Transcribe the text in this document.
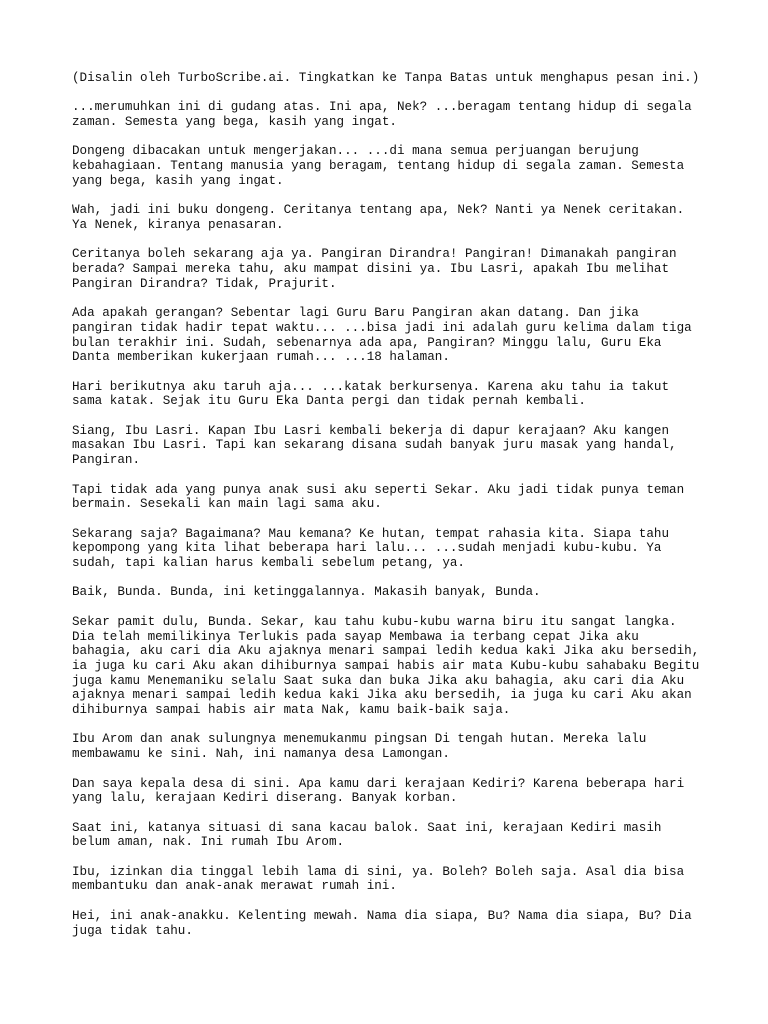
(Disalin oleh TurboScribe.ai. Tingkatkan ke Tanpa Batas untuk menghapus pesan ini.)

...merumuhkan ini di gudang atas. Ini apa, Nek? ...beragam tentang hidup di segala
zaman. Semesta yang bega, kasih yang ingat.

Dongeng dibacakan untuk mengerjakan... ...di mana semua perjuangan berujung
kebahagiaan. Tentang manusia yang beragam, tentang hidup di segala zaman. Semesta
yang bega, kasih yang ingat.

Wah, jadi ini buku dongeng. Ceritanya tentang apa, Nek? Nanti ya Nenek ceritakan.
Ya Nenek, kiranya penasaran.

Ceritanya boleh sekarang aja ya. Pangiran Dirandra! Pangiran! Dimanakah pangiran
berada? Sampai mereka tahu, aku mampat disini ya. Ibu Lasri, apakah Ibu melihat
Pangiran Dirandra? Tidak, Prajurit.

Ada apakah gerangan? Sebentar lagi Guru Baru Pangiran akan datang. Dan jika
pangiran tidak hadir tepat waktu... ...bisa jadi ini adalah guru kelima dalam tiga
bulan terakhir ini. Sudah, sebenarnya ada apa, Pangiran? Minggu lalu, Guru Eka
Danta memberikan kukerjaan rumah... ...18 halaman.

Hari berikutnya aku taruh aja... ...katak berkursenya. Karena aku tahu ia takut
sama katak. Sejak itu Guru Eka Danta pergi dan tidak pernah kembali.

Siang, Ibu Lasri. Kapan Ibu Lasri kembali bekerja di dapur kerajaan? Aku kangen
masakan Ibu Lasri. Tapi kan sekarang disana sudah banyak juru masak yang handal,
Pangiran.

Tapi tidak ada yang punya anak susi aku seperti Sekar. Aku jadi tidak punya teman
bermain. Sesekali kan main lagi sama aku.

Sekarang saja? Bagaimana? Mau kemana? Ke hutan, tempat rahasia kita. Siapa tahu
kepompong yang kita lihat beberapa hari lalu... ...sudah menjadi kubu-kubu. Ya
sudah, tapi kalian harus kembali sebelum petang, ya.

Baik, Bunda. Bunda, ini ketinggalannya. Makasih banyak, Bunda.

Sekar pamit dulu, Bunda. Sekar, kau tahu kubu-kubu warna biru itu sangat langka.
Dia telah memilikinya Terlukis pada sayap Membawa ia terbang cepat Jika aku
bahagia, aku cari dia Aku ajaknya menari sampai ledih kedua kaki Jika aku bersedih,
ia juga ku cari Aku akan dihiburnya sampai habis air mata Kubu-kubu sahabaku Begitu
juga kamu Menemaniku selalu Saat suka dan buka Jika aku bahagia, aku cari dia Aku
ajaknya menari sampai ledih kedua kaki Jika aku bersedih, ia juga ku cari Aku akan
dihiburnya sampai habis air mata Nak, kamu baik-baik saja.

Ibu Arom dan anak sulungnya menemukanmu pingsan Di tengah hutan. Mereka lalu
membawamu ke sini. Nah, ini namanya desa Lamongan.

Dan saya kepala desa di sini. Apa kamu dari kerajaan Kediri? Karena beberapa hari
yang lalu, kerajaan Kediri diserang. Banyak korban.

Saat ini, katanya situasi di sana kacau balok. Saat ini, kerajaan Kediri masih
belum aman, nak. Ini rumah Ibu Arom.

Ibu, izinkan dia tinggal lebih lama di sini, ya. Boleh? Boleh saja. Asal dia bisa
membantuku dan anak-anak merawat rumah ini.

Hei, ini anak-anakku. Kelenting mewah. Nama dia siapa, Bu? Nama dia siapa, Bu? Dia
juga tidak tahu.
